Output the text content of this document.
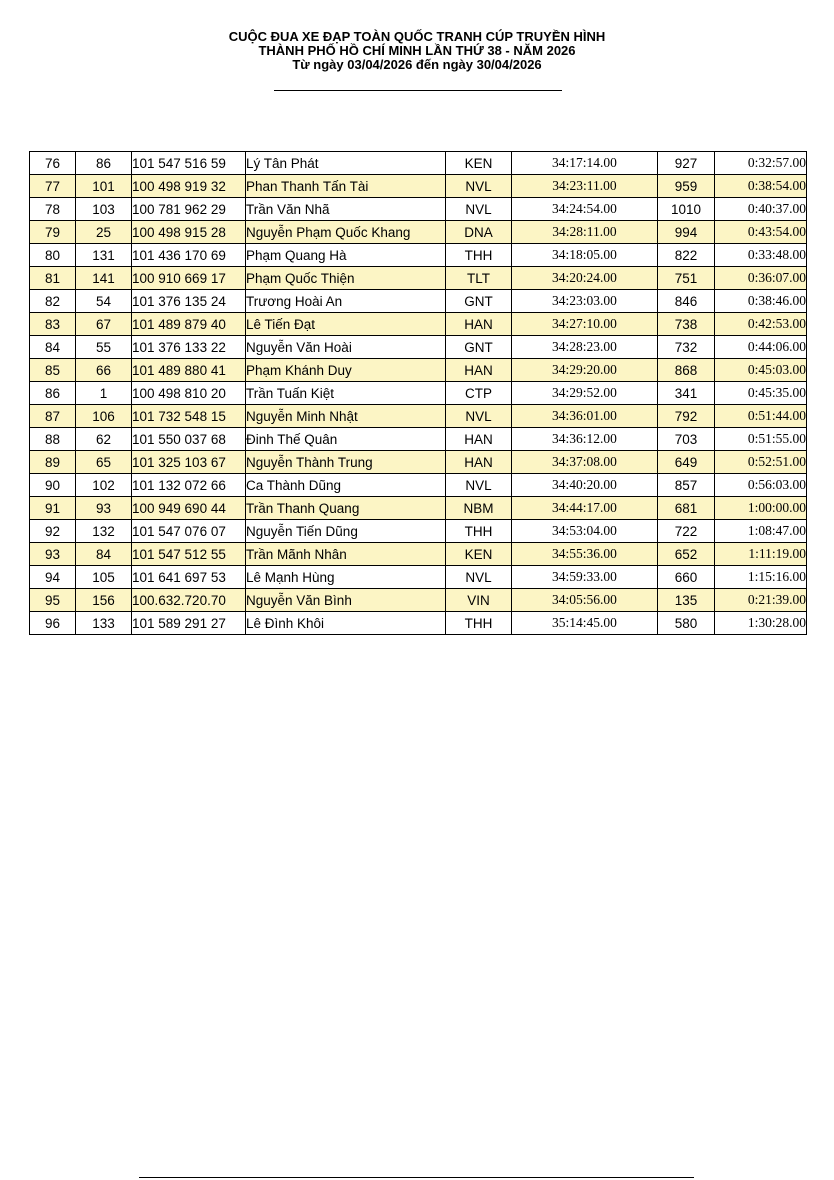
CUỘC ĐUA XE ĐẠP TOÀN QUỐC TRANH CÚP TRUYỀN HÌNH
THÀNH PHỐ HỒ CHÍ MINH LẦN THỨ 38 - NĂM 2026
Từ ngày 03/04/2026 đến ngày 30/04/2026
76	86	101 547 516 59	Lý Tân Phát	KEN	34:17:14.00	927	0:32:57.00
77	101	100 498 919 32	Phan Thanh Tấn Tài	NVL	34:23:11.00	959	0:38:54.00
78	103	100 781 962 29	Trần Văn Nhã	NVL	34:24:54.00	1010	0:40:37.00
79	25	100 498 915 28	Nguyễn Phạm Quốc Khang	DNA	34:28:11.00	994	0:43:54.00
80	131	101 436 170 69	Phạm Quang Hà	THH	34:18:05.00	822	0:33:48.00
81	141	100 910 669 17	Phạm Quốc Thiện	TLT	34:20:24.00	751	0:36:07.00
82	54	101 376 135 24	Trương Hoài An	GNT	34:23:03.00	846	0:38:46.00
83	67	101 489 879 40	Lê Tiến Đạt	HAN	34:27:10.00	738	0:42:53.00
84	55	101 376 133 22	Nguyễn Văn Hoài	GNT	34:28:23.00	732	0:44:06.00
85	66	101 489 880 41	Phạm Khánh Duy	HAN	34:29:20.00	868	0:45:03.00
86	1	100 498 810 20	Trần Tuấn Kiệt	CTP	34:29:52.00	341	0:45:35.00
87	106	101 732 548 15	Nguyễn Minh Nhật	NVL	34:36:01.00	792	0:51:44.00
88	62	101 550 037 68	Đinh Thế Quân	HAN	34:36:12.00	703	0:51:55.00
89	65	101 325 103 67	Nguyễn Thành Trung	HAN	34:37:08.00	649	0:52:51.00
90	102	101 132 072 66	Ca Thành Dũng	NVL	34:40:20.00	857	0:56:03.00
91	93	100 949 690 44	Trần Thanh Quang	NBM	34:44:17.00	681	1:00:00.00
92	132	101 547 076 07	Nguyễn Tiến Dũng	THH	34:53:04.00	722	1:08:47.00
93	84	101 547 512 55	Trần Mãnh Nhân	KEN	34:55:36.00	652	1:11:19.00
94	105	101 641 697 53	Lê Mạnh Hùng	NVL	34:59:33.00	660	1:15:16.00
95	156	100.632.720.70	Nguyễn Văn Bình	VIN	34:05:56.00	135	0:21:39.00
96	133	101 589 291 27	Lê Đình Khôi	THH	35:14:45.00	580	1:30:28.00
